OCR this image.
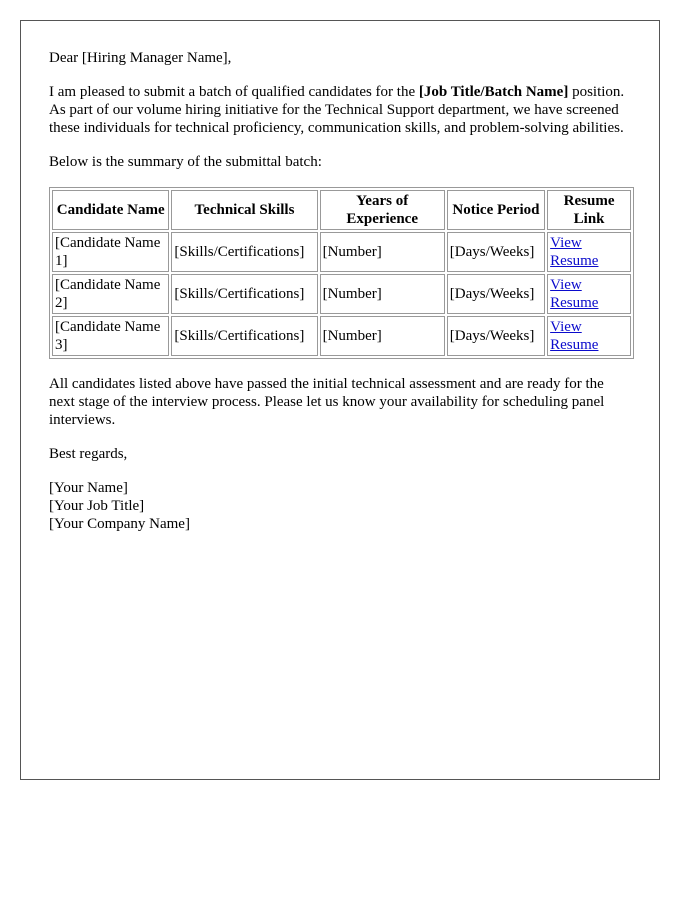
Dear [Hiring Manager Name],

I am pleased to submit a batch of qualified candidates for the [Job Title/Batch Name] position. As part of our volume hiring initiative for the Technical Support department, we have screened these individuals for technical proficiency, communication skills, and problem-solving abilities.

Below is the summary of the submittal batch:

Candidate Name	Technical Skills	Years of Experience	Notice Period	Resume Link
[Candidate Name 1]	[Skills/Certifications]	[Number]	[Days/Weeks]	View Resume
[Candidate Name 2]	[Skills/Certifications]	[Number]	[Days/Weeks]	View Resume
[Candidate Name 3]	[Skills/Certifications]	[Number]	[Days/Weeks]	View Resume

All candidates listed above have passed the initial technical assessment and are ready for the next stage of the interview process. Please let us know your availability for scheduling panel interviews.

Best regards,

[Your Name]

[Your Job Title]

[Your Company Name]
